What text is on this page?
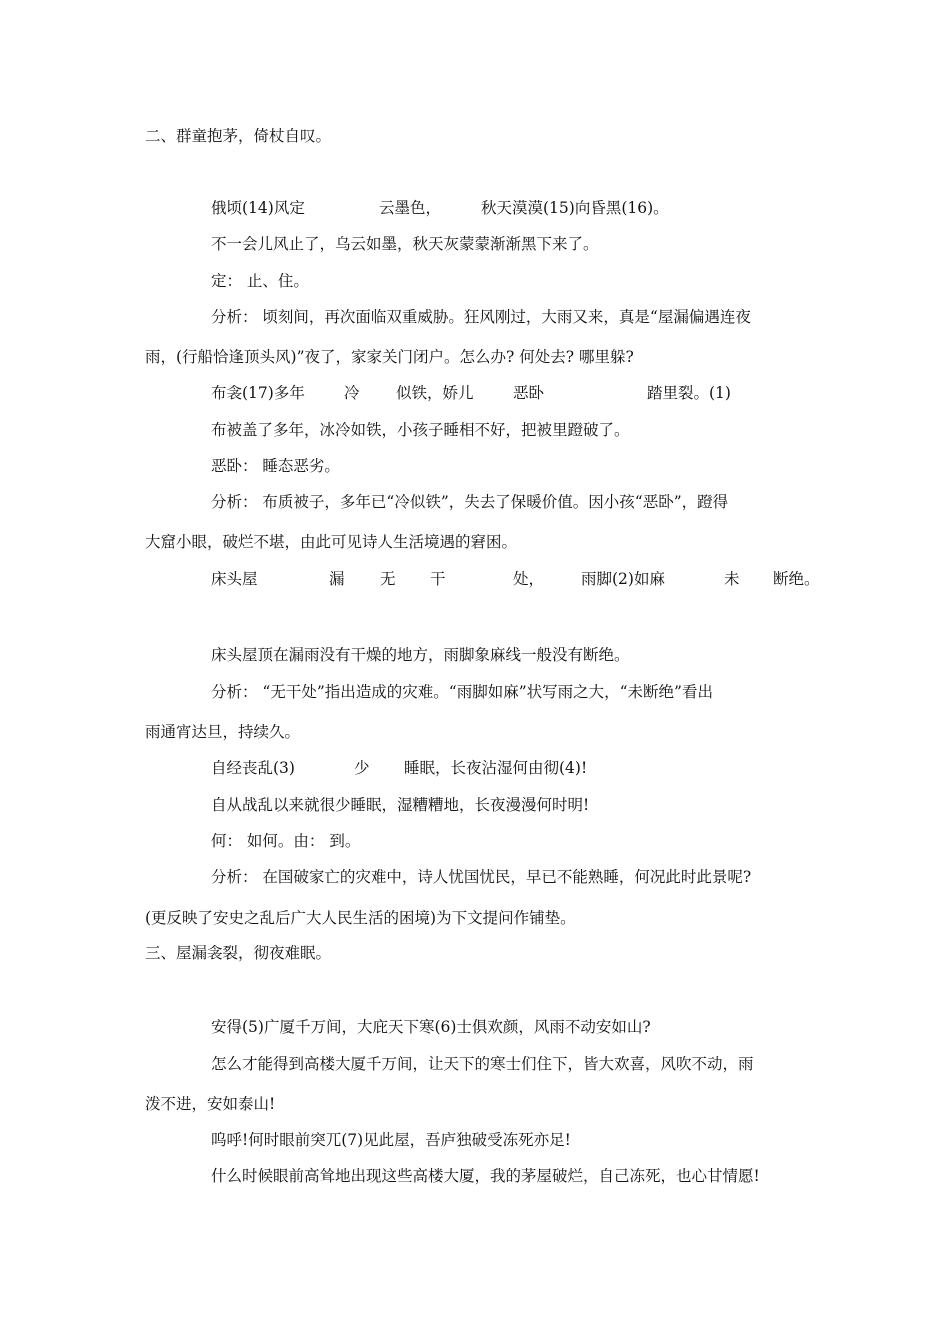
二、群童抱茅，倚杖自叹。
俄顷(14)风定	云墨色，	秋天漠漠(15)向昏黑(16)。
不一会儿风止了，乌云如墨，秋天灰蒙蒙渐渐黑下来了。
定： 止、住。
分析： 顷刻间，再次面临双重威胁。狂风刚过，大雨又来，真是“屋漏偏遇连夜
雨，(行船恰逢顶头风)”夜了，家家关门闭户。怎么办? 何处去? 哪里躲?
布衾(17)多年	冷 似铁，娇儿	恶卧	踏里裂。(1)
布被盖了多年，冰冷如铁，小孩子睡相不好，把被里蹬破了。
恶卧： 睡态恶劣。
分析： 布质被子，多年已“冷似铁”，失去了保暖价值。因小孩“恶卧”，蹬得
大窟小眼，破烂不堪，由此可见诗人生活境遇的窘困。
床头屋	漏 无 干	处， 雨脚(2)如麻	未 断绝。
床头屋顶在漏雨没有干燥的地方，雨脚象麻线一般没有断绝。
分析： “无干处”指出造成的灾难。“雨脚如麻”状写雨之大，“未断绝”看出
雨通宵达旦，持续久。
自经丧乱(3)	少 睡眠，长夜沾湿何由彻(4)!
自从战乱以来就很少睡眠，湿糟糟地，长夜漫漫何时明!
何： 如何。由： 到。
分析： 在国破家亡的灾难中，诗人忧国忧民，早已不能熟睡，何况此时此景呢?
(更反映了安史之乱后广大人民生活的困境)为下文提问作铺垫。
三、屋漏衾裂，彻夜难眠。
安得(5)广厦千万间，大庇天下寒(6)士俱欢颜，风雨不动安如山?
怎么才能得到高楼大厦千万间，让天下的寒士们住下，皆大欢喜，风吹不动，雨
泼不进，安如泰山!
呜呼!何时眼前突兀(7)见此屋，吾庐独破受冻死亦足!
什么时候眼前高耸地出现这些高楼大厦，我的茅屋破烂，自己冻死，也心甘情愿!
